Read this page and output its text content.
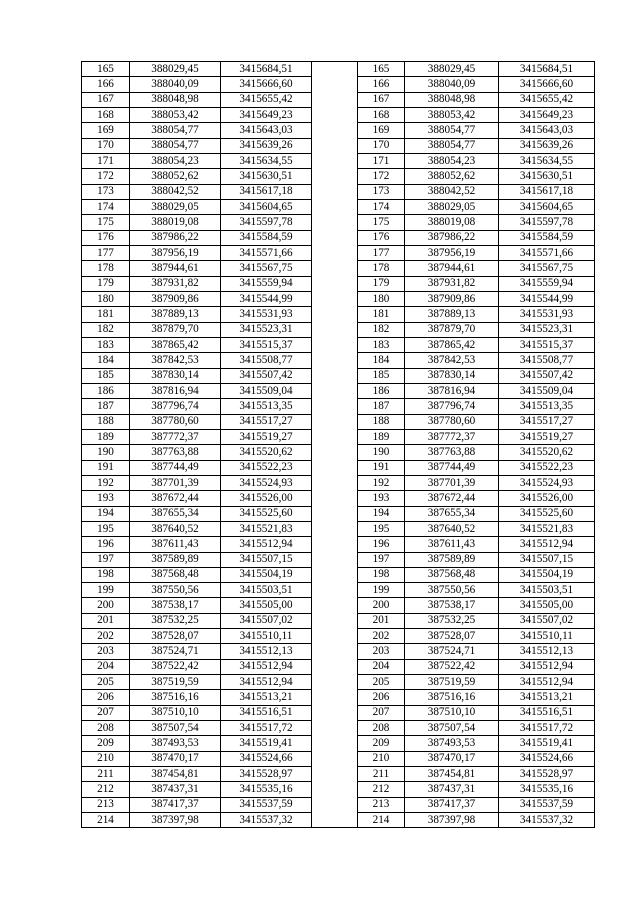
165	388029,45	3415684,51		165	388029,45	3415684,51
166	388040,09	3415666,60		166	388040,09	3415666,60
167	388048,98	3415655,42		167	388048,98	3415655,42
168	388053,42	3415649,23		168	388053,42	3415649,23
169	388054,77	3415643,03		169	388054,77	3415643,03
170	388054,77	3415639,26		170	388054,77	3415639,26
171	388054,23	3415634,55		171	388054,23	3415634,55
172	388052,62	3415630,51		172	388052,62	3415630,51
173	388042,52	3415617,18		173	388042,52	3415617,18
174	388029,05	3415604,65		174	388029,05	3415604,65
175	388019,08	3415597,78		175	388019,08	3415597,78
176	387986,22	3415584,59		176	387986,22	3415584,59
177	387956,19	3415571,66		177	387956,19	3415571,66
178	387944,61	3415567,75		178	387944,61	3415567,75
179	387931,82	3415559,94		179	387931,82	3415559,94
180	387909,86	3415544,99		180	387909,86	3415544,99
181	387889,13	3415531,93		181	387889,13	3415531,93
182	387879,70	3415523,31		182	387879,70	3415523,31
183	387865,42	3415515,37		183	387865,42	3415515,37
184	387842,53	3415508,77		184	387842,53	3415508,77
185	387830,14	3415507,42		185	387830,14	3415507,42
186	387816,94	3415509,04		186	387816,94	3415509,04
187	387796,74	3415513,35		187	387796,74	3415513,35
188	387780,60	3415517,27		188	387780,60	3415517,27
189	387772,37	3415519,27		189	387772,37	3415519,27
190	387763,88	3415520,62		190	387763,88	3415520,62
191	387744,49	3415522,23		191	387744,49	3415522,23
192	387701,39	3415524,93		192	387701,39	3415524,93
193	387672,44	3415526,00		193	387672,44	3415526,00
194	387655,34	3415525,60		194	387655,34	3415525,60
195	387640,52	3415521,83		195	387640,52	3415521,83
196	387611,43	3415512,94		196	387611,43	3415512,94
197	387589,89	3415507,15		197	387589,89	3415507,15
198	387568,48	3415504,19		198	387568,48	3415504,19
199	387550,56	3415503,51		199	387550,56	3415503,51
200	387538,17	3415505,00		200	387538,17	3415505,00
201	387532,25	3415507,02		201	387532,25	3415507,02
202	387528,07	3415510,11		202	387528,07	3415510,11
203	387524,71	3415512,13		203	387524,71	3415512,13
204	387522,42	3415512,94		204	387522,42	3415512,94
205	387519,59	3415512,94		205	387519,59	3415512,94
206	387516,16	3415513,21		206	387516,16	3415513,21
207	387510,10	3415516,51		207	387510,10	3415516,51
208	387507,54	3415517,72		208	387507,54	3415517,72
209	387493,53	3415519,41		209	387493,53	3415519,41
210	387470,17	3415524,66		210	387470,17	3415524,66
211	387454,81	3415528,97		211	387454,81	3415528,97
212	387437,31	3415535,16		212	387437,31	3415535,16
213	387417,37	3415537,59		213	387417,37	3415537,59
214	387397,98	3415537,32		214	387397,98	3415537,32
